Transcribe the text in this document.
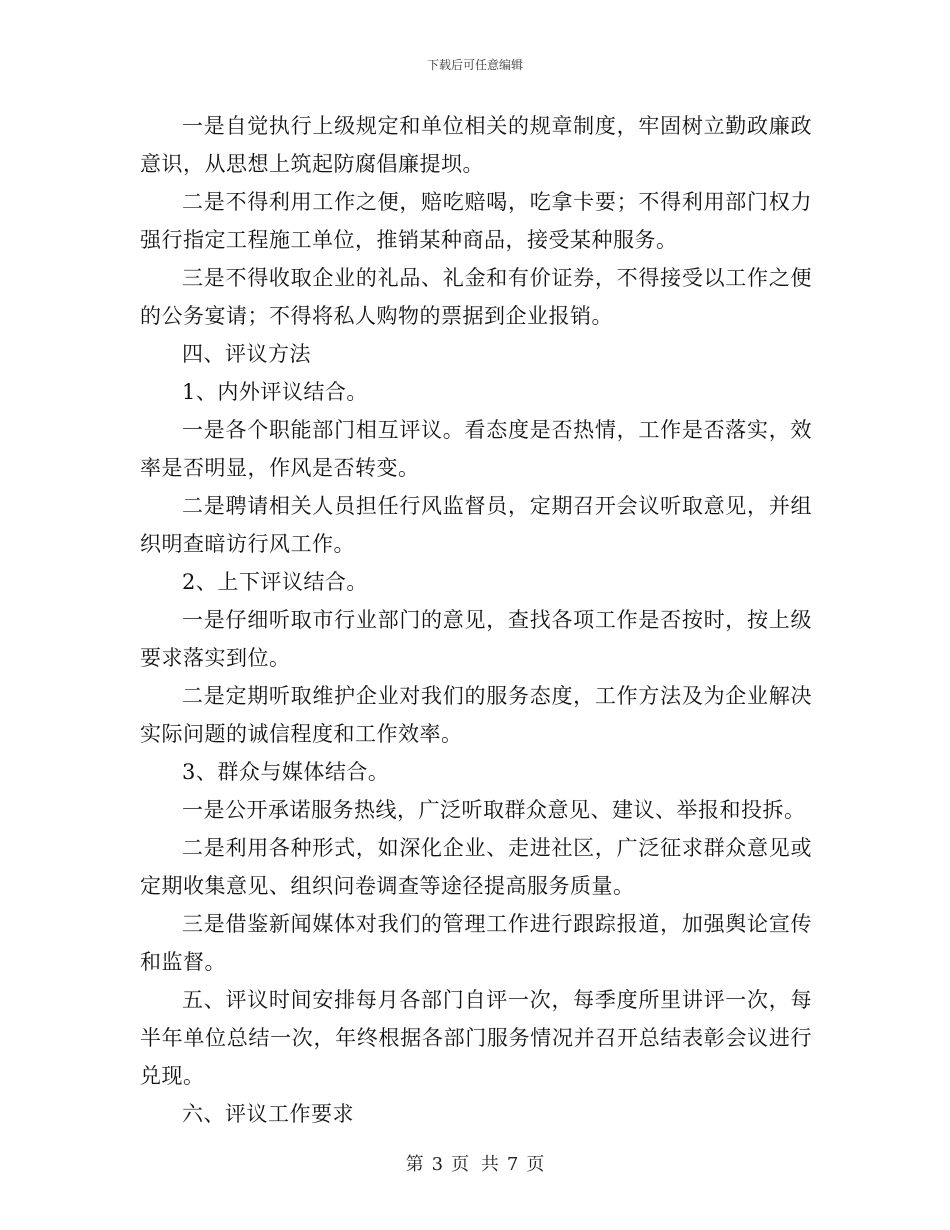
下载后可任意编辑

一是自觉执行上级规定和单位相关的规章制度，牢固树立勤政廉政意识，从思想上筑起防腐倡廉提坝。

二是不得利用工作之便，赔吃赔喝，吃拿卡要；不得利用部门权力强行指定工程施工单位，推销某种商品，接受某种服务。

三是不得收取企业的礼品、礼金和有价证券，不得接受以工作之便的公务宴请；不得将私人购物的票据到企业报销。

四、评议方法

1、内外评议结合。

一是各个职能部门相互评议。看态度是否热情，工作是否落实，效率是否明显，作风是否转变。

二是聘请相关人员担任行风监督员，定期召开会议听取意见，并组织明查暗访行风工作。

2、上下评议结合。

一是仔细听取市行业部门的意见，查找各项工作是否按时，按上级要求落实到位。

二是定期听取维护企业对我们的服务态度，工作方法及为企业解决实际问题的诚信程度和工作效率。

3、群众与媒体结合。

一是公开承诺服务热线，广泛听取群众意见、建议、举报和投拆。

二是利用各种形式，如深化企业、走进社区，广泛征求群众意见或定期收集意见、组织问卷调查等途径提高服务质量。

三是借鉴新闻媒体对我们的管理工作进行跟踪报道，加强舆论宣传和监督。

五、评议时间安排每月各部门自评一次，每季度所里讲评一次，每半年单位总结一次，年终根据各部门服务情况并召开总结表彰会议进行兑现。

六、评议工作要求

第 3 页 共 7 页
